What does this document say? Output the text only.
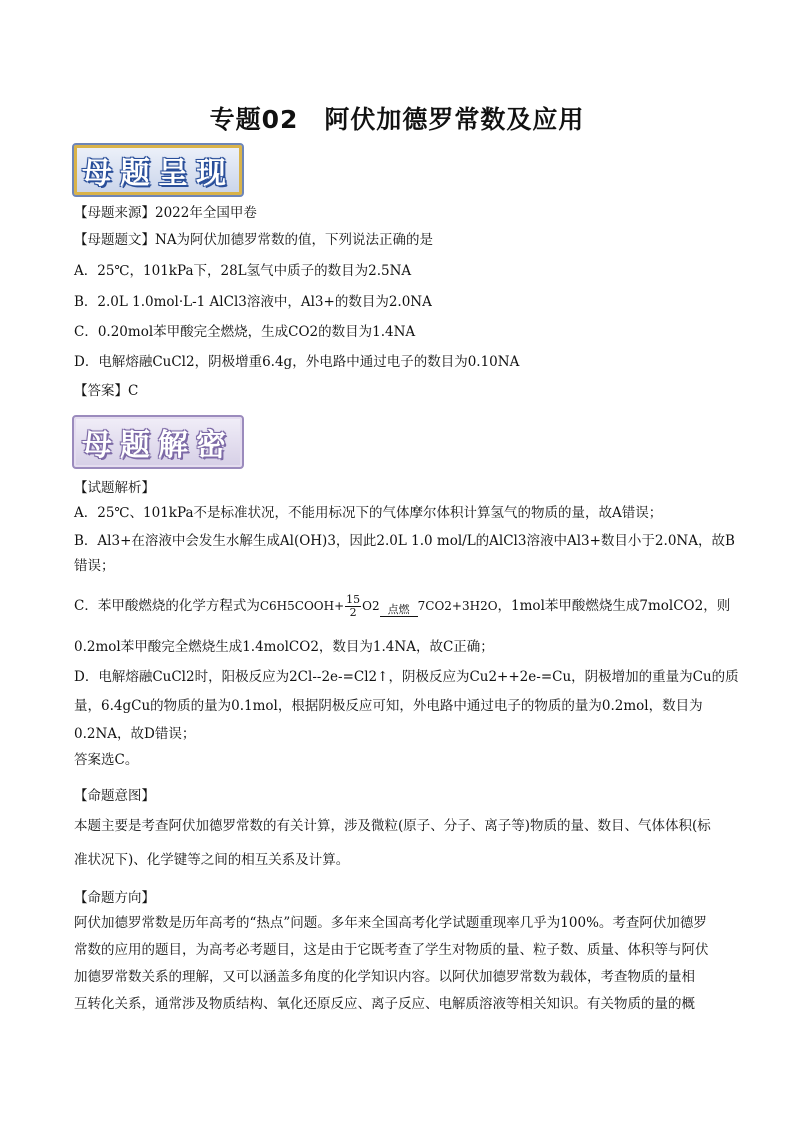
专题02　阿伏加德罗常数及应用
母题呈现
【母题来源】2022年全国甲卷
【母题题文】NA为阿伏加德罗常数的值，下列说法正确的是
A．25℃，101kPa下，28L氢气中质子的数目为2.5NA
B．2.0L 1.0mol·L-1 AlCl3溶液中，Al3+的数目为2.0NA
C．0.20mol苯甲酸完全燃烧，生成CO2的数目为1.4NA
D．电解熔融CuCl2，阴极增重6.4g，外电路中通过电子的数目为0.10NA
【答案】C
母题解密
【试题解析】
A．25℃、101kPa不是标准状况，不能用标况下的气体摩尔体积计算氢气的物质的量，故A错误；
B．Al3+在溶液中会发生水解生成Al(OH)3，因此2.0L 1.0 mol/L的AlCl3溶液中Al3+数目小于2.0NA，故B
错误；
C．苯甲酸燃烧的化学方程式为C6H5COOH+ $\frac{15}{2} O2$ 点燃 7CO2+3H2O，1mol苯甲酸燃烧生成7molCO2，则
0.2mol苯甲酸完全燃烧生成1.4molCO2，数目为1.4NA，故C正确；
D．电解熔融CuCl2时，阳极反应为2Cl--2e-=Cl2↑，阴极反应为Cu2++2e-=Cu，阴极增加的重量为Cu的质
量，6.4gCu的物质的量为0.1mol，根据阴极反应可知，外电路中通过电子的物质的量为0.2mol，数目为
0.2NA，故D错误；
答案选C。
【命题意图】
本题主要是考查阿伏加德罗常数的有关计算，涉及微粒(原子、分子、离子等)物质的量、数目、气体体积(标
准状况下)、化学键等之间的相互关系及计算。
【命题方向】
阿伏加德罗常数是历年高考的“热点”问题。多年来全国高考化学试题重现率几乎为100%。考查阿伏加德罗
常数的应用的题目，为高考必考题目，这是由于它既考查了学生对物质的量、粒子数、质量、体积等与阿伏
加德罗常数关系的理解，又可以涵盖多角度的化学知识内容。以阿伏加德罗常数为载体，考查物质的量相
互转化关系，通常涉及物质结构、氧化还原反应、离子反应、电解质溶液等相关知识。有关物质的量的概
